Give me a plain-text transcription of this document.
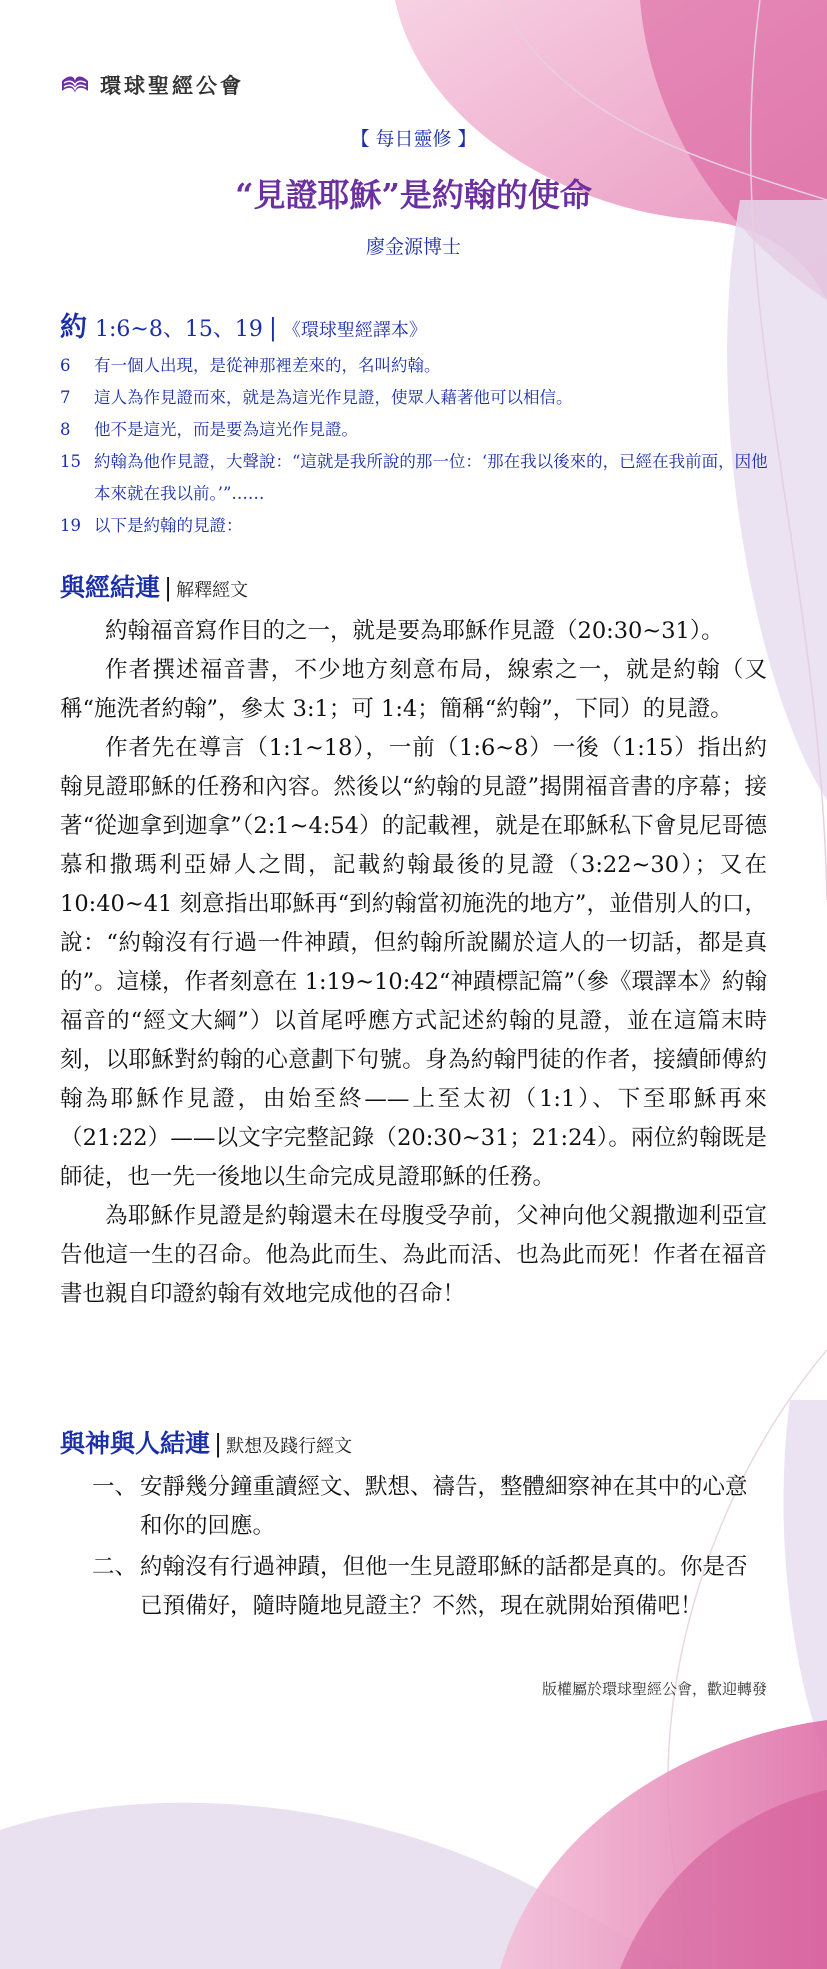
環球聖經公會
【 每日靈修 】
“見證耶穌”是約翰的使命
廖金源博士
約 1:6~8、15、19 | 《環球聖經譯本》
6	有一個人出現，是從神那裡差來的，名叫約翰。
7	這人為作見證而來，就是為這光作見證，使眾人藉著他可以相信。
8	他不是這光，而是要為這光作見證。
15 約翰為他作見證，大聲說：“這就是我所說的那一位：‘那在我以後來的，已經在我前面，因他本來就在我以前。’”……
19 以下是約翰的見證：
與經結連 | 解釋經文

約翰福音寫作目的之一，就是要為耶穌作見證（20:30~31）。

作者撰述福音書，不少地方刻意布局，線索之一，就是約翰（又稱“施洗者約翰”，參太 3:1；可 1:4；簡稱“約翰”，下同）的見證。

作者先在導言（1:1~18），一前（1:6~8）一後（1:15）指出約翰見證耶穌的任務和內容。然後以“約翰的見證”揭開福音書的序幕；接著“從迦拿到迦拿”（2:1~4:54）的記載裡，就是在耶穌私下會見尼哥德慕和撒瑪利亞婦人之間，記載約翰最後的見證（3:22~30）；又在 10:40~41 刻意指出耶穌再“到約翰當初施洗的地方”，並借別人的口，說：“約翰沒有行過一件神蹟，但約翰所說關於這人的一切話，都是真的”。這樣，作者刻意在 1:19~10:42“神蹟標記篇”（參《環譯本》約翰福音的“經文大綱”）以首尾呼應方式記述約翰的見證，並在這篇末時刻，以耶穌對約翰的心意劃下句號。身為約翰門徒的作者，接續師傅約翰為耶穌作見證，由始至終——上至太初（1:1）、下至耶穌再來（21:22）——以文字完整記錄（20:30~31；21:24）。兩位約翰既是師徒，也一先一後地以生命完成見證耶穌的任務。

為耶穌作見證是約翰還未在母腹受孕前，父神向他父親撒迦利亞宣告他這一生的召命。他為此而生、為此而活、也為此而死！作者在福音書也親自印證約翰有效地完成他的召命！

與神與人結連 | 默想及踐行經文
一、 安靜幾分鐘重讀經文、默想、禱告，整體細察神在其中的心意和你的回應。
二、 約翰沒有行過神蹟，但他一生見證耶穌的話都是真的。你是否已預備好，隨時隨地見證主？不然，現在就開始預備吧！
版權屬於環球聖經公會，歡迎轉發
